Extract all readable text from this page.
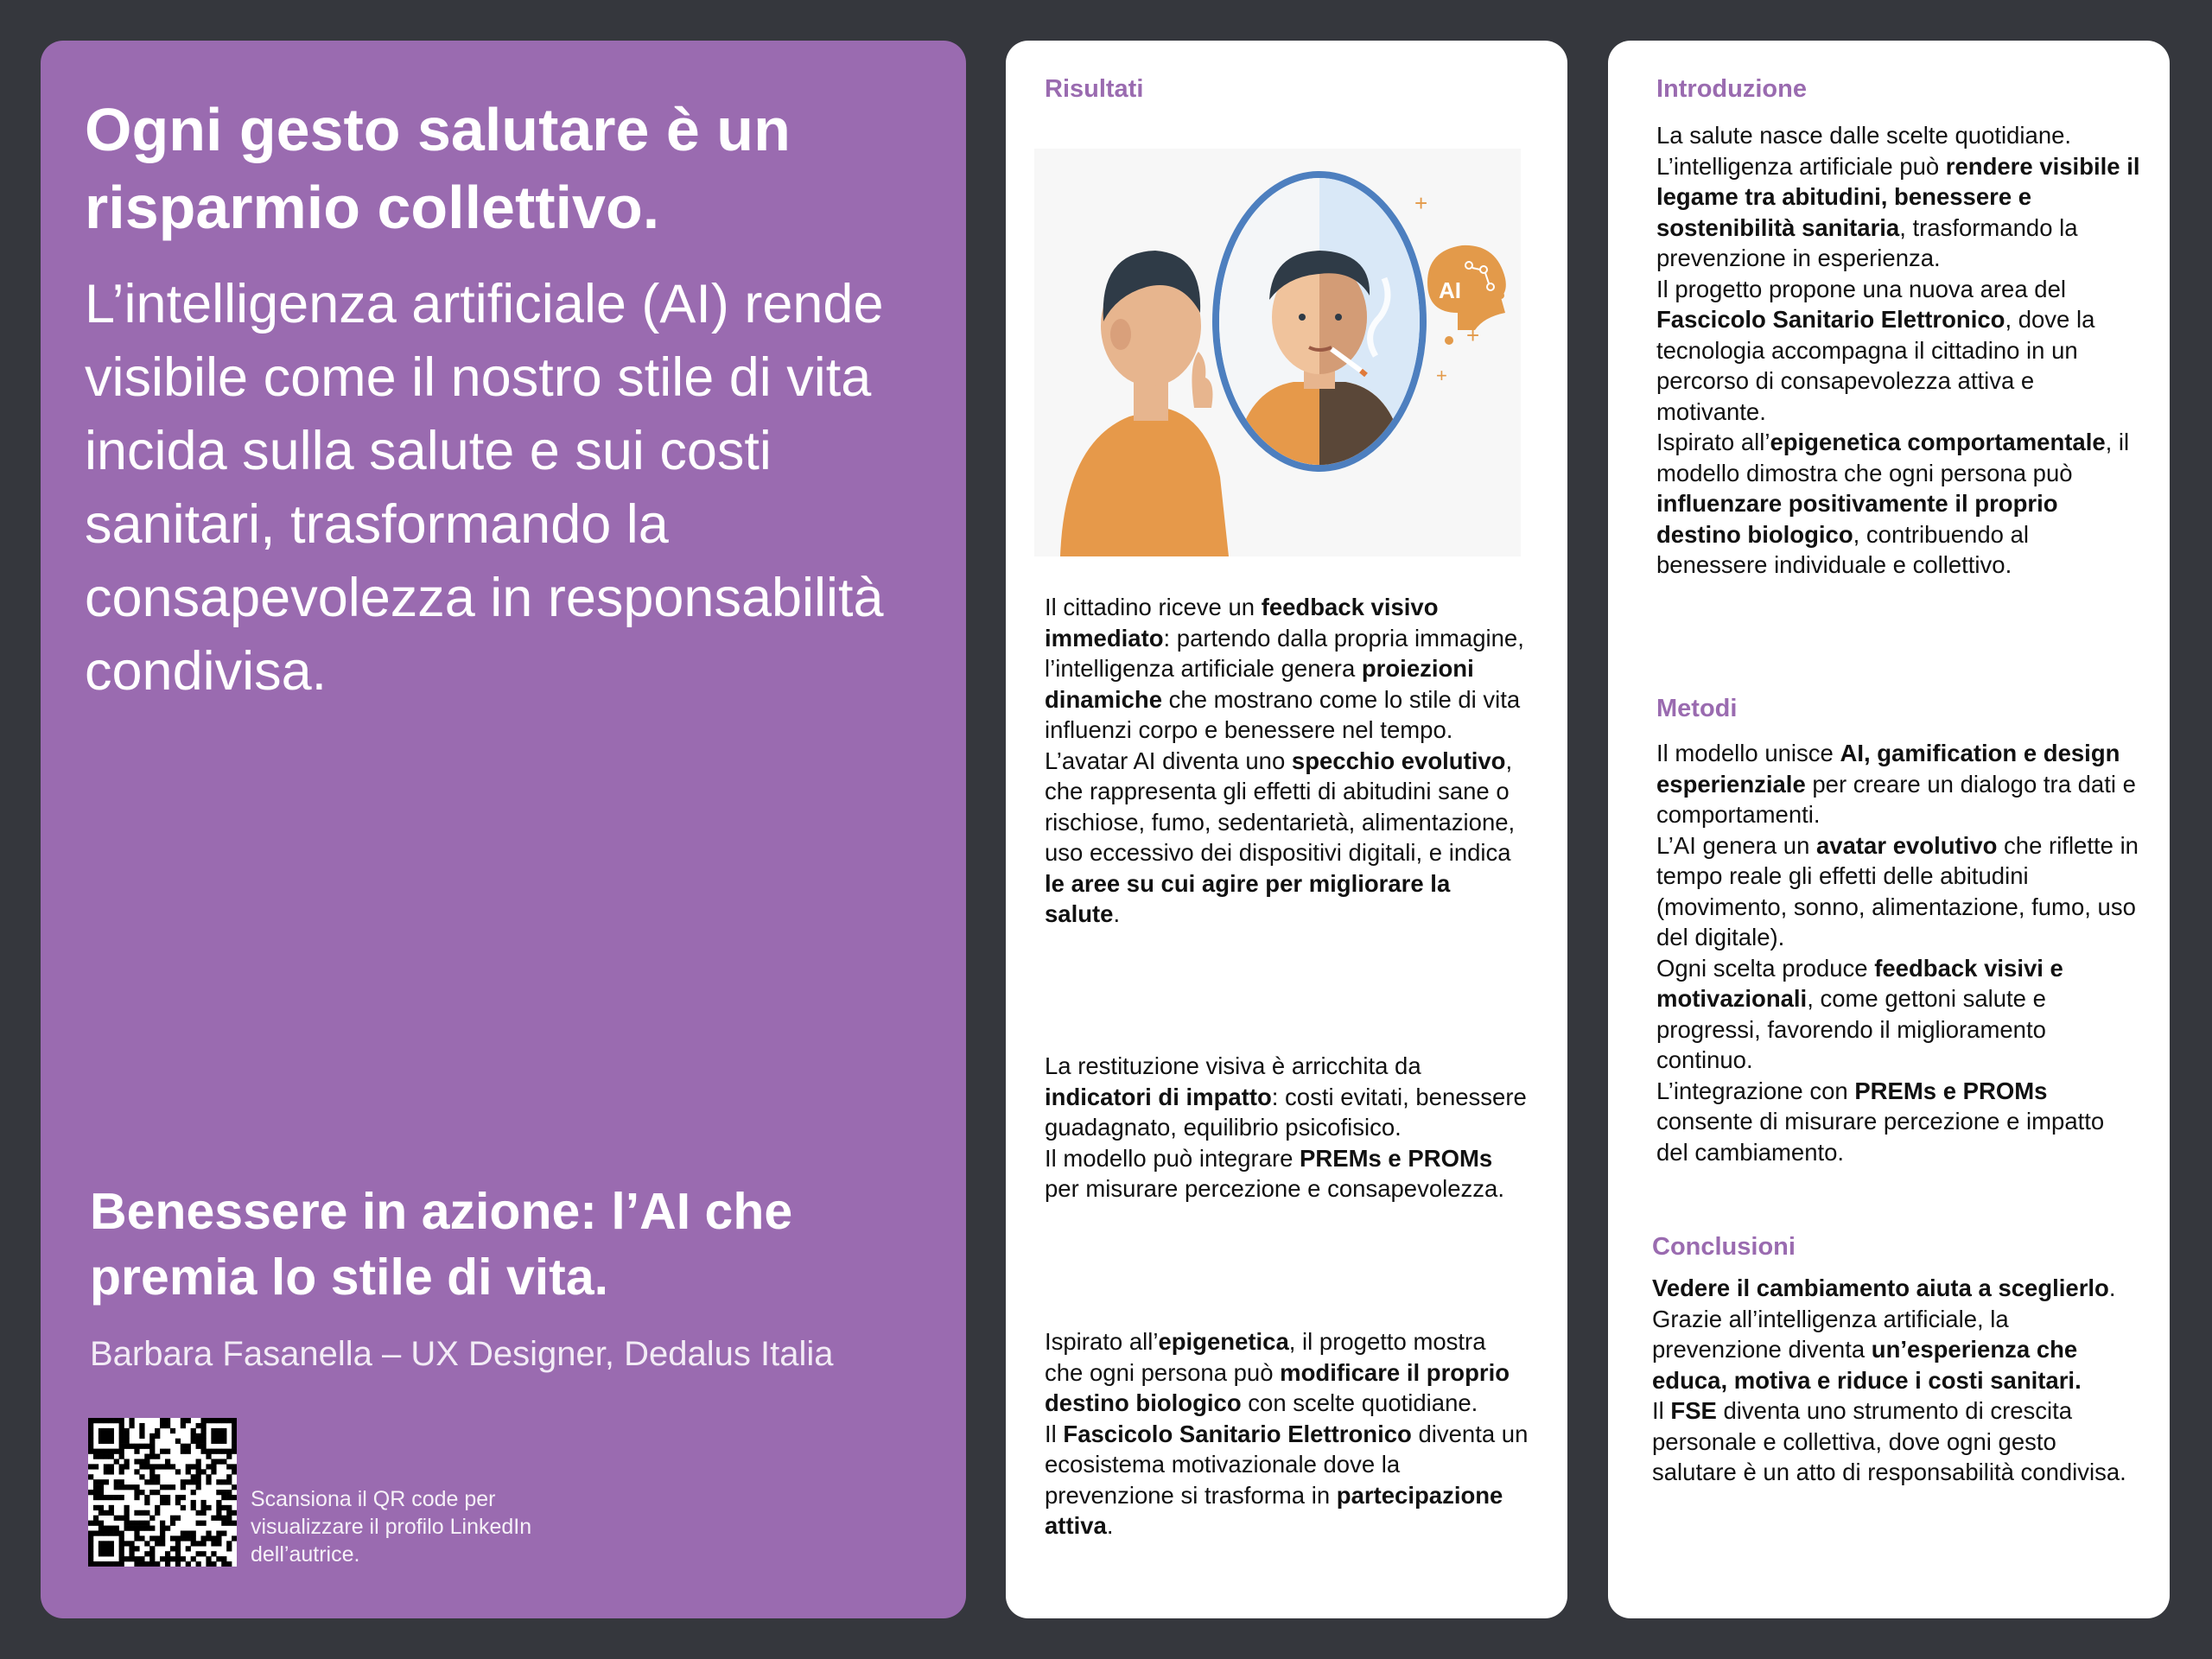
Ogni gesto salutare è un risparmio collettivo.

L’intelligenza artificiale (AI) rende visibile come il nostro stile di vita incida sulla salute e sui costi sanitari, trasformando la consapevolezza in responsabilità condivisa.

Benessere in azione: l’AI che premia lo stile di vita.

Barbara Fasanella – UX Designer, Dedalus Italia

Scansiona il QR code per visualizzare il profilo LinkedIn dell’autrice.
Risultati
AI
+
+
+

Il cittadino riceve un feedback visivo immediato: partendo dalla propria immagine, l’intelligenza artificiale genera proiezioni dinamiche che mostrano come lo stile di vita influenzi corpo e benessere nel tempo.
L’avatar AI diventa uno specchio evolutivo, che rappresenta gli effetti di abitudini sane o rischiose, fumo, sedentarietà, alimentazione, uso eccessivo dei dispositivi digitali, e indica le aree su cui agire per migliorare la salute.

La restituzione visiva è arricchita da indicatori di impatto: costi evitati, benessere guadagnato, equilibrio psicofisico.
Il modello può integrare PREMs e PROMs per misurare percezione e consapevolezza.

Ispirato all’epigenetica, il progetto mostra che ogni persona può modificare il proprio destino biologico con scelte quotidiane.
Il Fascicolo Sanitario Elettronico diventa un ecosistema motivazionale dove la prevenzione si trasforma in partecipazione attiva.

Introduzione

La salute nasce dalle scelte quotidiane.
L’intelligenza artificiale può rendere visibile il legame tra abitudini, benessere e sostenibilità sanitaria, trasformando la prevenzione in esperienza.
Il progetto propone una nuova area del Fascicolo Sanitario Elettronico, dove la tecnologia accompagna il cittadino in un percorso di consapevolezza attiva e motivante.
Ispirato all’epigenetica comportamentale, il modello dimostra che ogni persona può influenzare positivamente il proprio destino biologico, contribuendo al benessere individuale e collettivo.

Metodi

Il modello unisce AI, gamification e design esperienziale per creare un dialogo tra dati e comportamenti.
L’AI genera un avatar evolutivo che riflette in tempo reale gli effetti delle abitudini (movimento, sonno, alimentazione, fumo, uso del digitale).
Ogni scelta produce feedback visivi e motivazionali, come gettoni salute e progressi, favorendo il miglioramento continuo.
L’integrazione con PREMs e PROMs consente di misurare percezione e impatto del cambiamento.

Conclusioni

Vedere il cambiamento aiuta a sceglierlo.
Grazie all’intelligenza artificiale, la prevenzione diventa un’esperienza che educa, motiva e riduce i costi sanitari.
Il FSE diventa uno strumento di crescita personale e collettiva, dove ogni gesto salutare è un atto di responsabilità condivisa.
